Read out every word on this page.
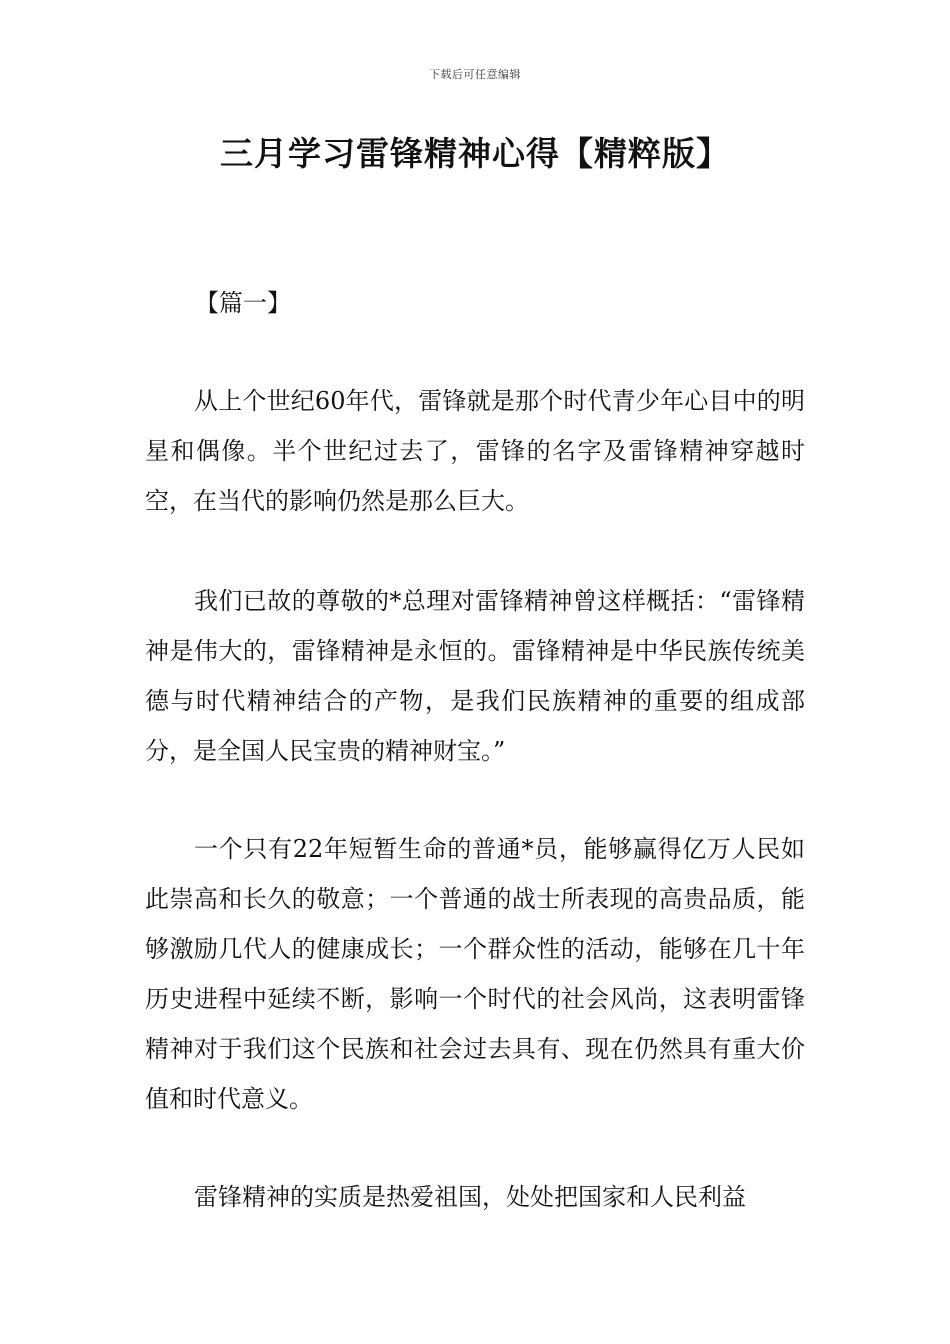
下载后可任意编辑
三月学习雷锋精神心得【精粹版】
【篇一】

从上个世纪60年代，雷锋就是那个时代青少年心目中的明星和偶像。半个世纪过去了，雷锋的名字及雷锋精神穿越时空，在当代的影响仍然是那么巨大。

我们已故的尊敬的*总理对雷锋精神曾这样概括：“雷锋精神是伟大的，雷锋精神是永恒的。雷锋精神是中华民族传统美德与时代精神结合的产物，是我们民族精神的重要的组成部分，是全国人民宝贵的精神财宝。”

一个只有22年短暂生命的普通*员，能够赢得亿万人民如此崇高和长久的敬意；一个普通的战士所表现的高贵品质，能够激励几代人的健康成长；一个群众性的活动，能够在几十年历史进程中延续不断，影响一个时代的社会风尚，这表明雷锋精神对于我们这个民族和社会过去具有、现在仍然具有重大价值和时代意义。

雷锋精神的实质是热爱祖国，处处把国家和人民利益
